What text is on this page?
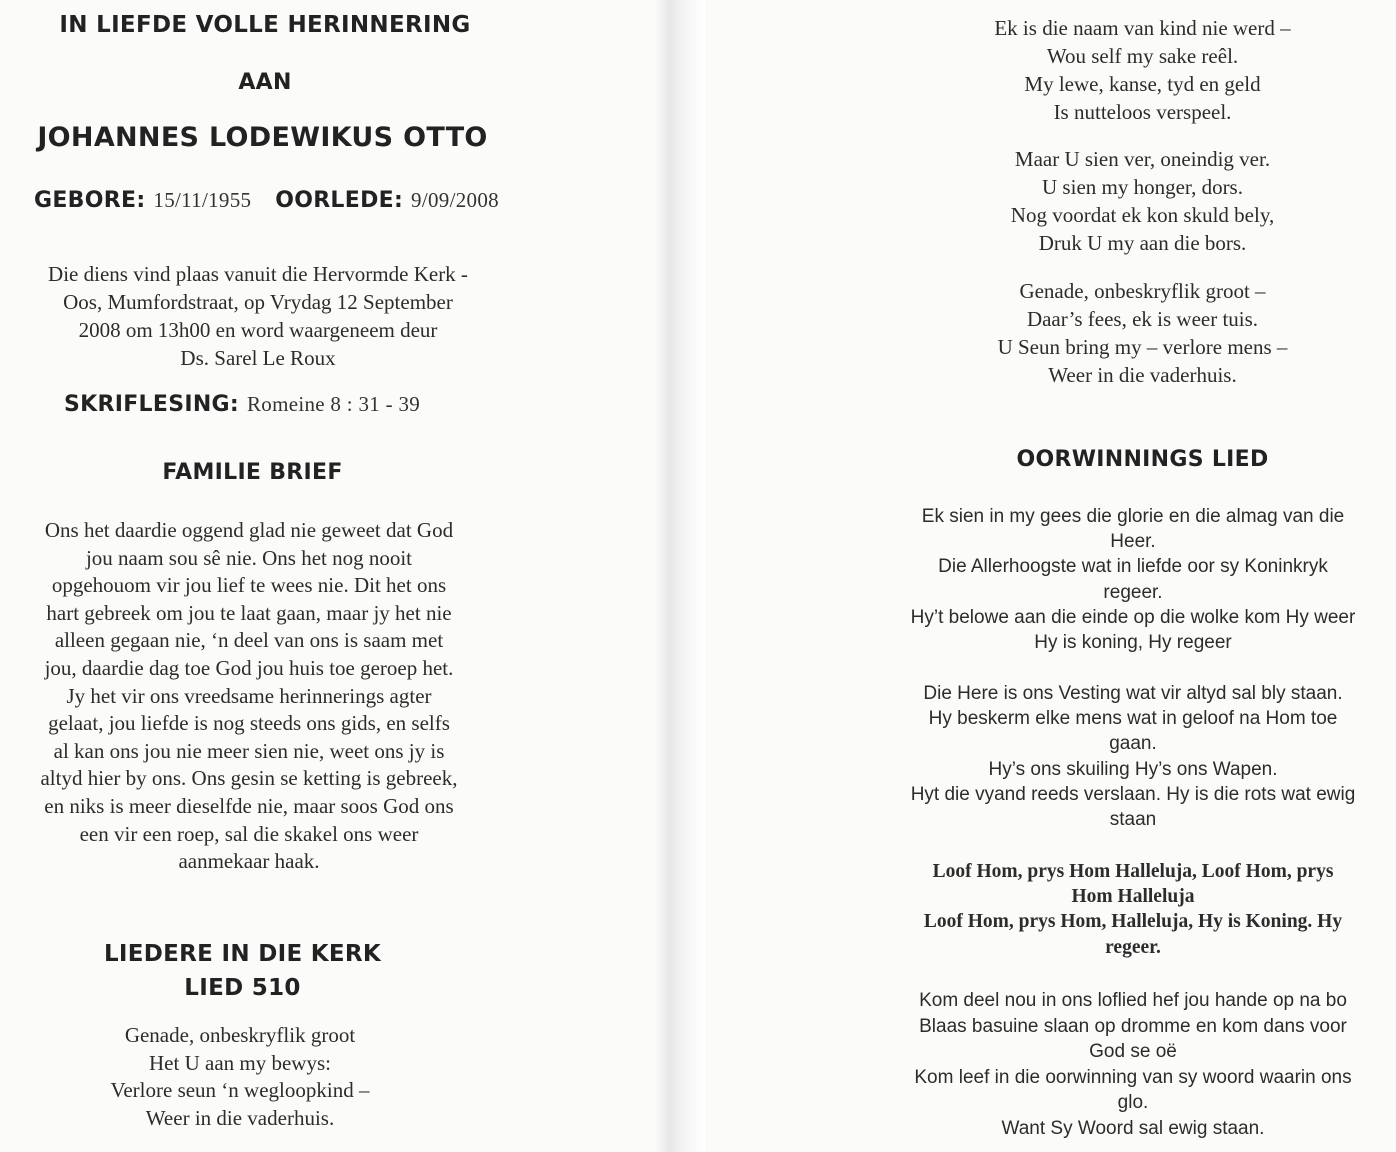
IN LIEFDE VOLLE HERINNERING
AAN
JOHANNES LODEWIKUS OTTO
GEBORE: 15/11/1955 OORLEDE: 9/09/2008
Die diens vind plaas vanuit die Hervormde Kerk -
Oos, Mumfordstraat, op Vrydag 12 September
2008 om 13h00 en word waargeneem deur
Ds. Sarel Le Roux
SKRIFLESING: Romeine 8 : 31 - 39
FAMILIE BRIEF
Ons het daardie oggend glad nie geweet dat God
jou naam sou sê nie. Ons het nog nooit
opgehouom vir jou lief te wees nie. Dit het ons
hart gebreek om jou te laat gaan, maar jy het nie
alleen gegaan nie, ‘n deel van ons is saam met
jou, daardie dag toe God jou huis toe geroep het.
Jy het vir ons vreedsame herinnerings agter
gelaat, jou liefde is nog steeds ons gids, en selfs
al kan ons jou nie meer sien nie, weet ons jy is
altyd hier by ons. Ons gesin se ketting is gebreek,
en niks is meer dieselfde nie, maar soos God ons
een vir een roep, sal die skakel ons weer
aanmekaar haak.
LIEDERE IN DIE KERK
LIED 510
Genade, onbeskryflik groot
Het U aan my bewys:
Verlore seun ‘n wegloopkind –
Weer in die vaderhuis.
Ek is die naam van kind nie werd –
Wou self my sake reêl.
My lewe, kanse, tyd en geld
Is nutteloos verspeel.
Maar U sien ver, oneindig ver.
U sien my honger, dors.
Nog voordat ek kon skuld bely,
Druk U my aan die bors.
Genade, onbeskryflik groot –
Daar’s fees, ek is weer tuis.
U Seun bring my – verlore mens –
Weer in die vaderhuis.
OORWINNINGS LIED
Ek sien in my gees die glorie en die almag van die
Heer.
Die Allerhoogste wat in liefde oor sy Koninkryk
regeer.
Hy’t belowe aan die einde op die wolke kom Hy weer
Hy is koning, Hy regeer
Die Here is ons Vesting wat vir altyd sal bly staan.
Hy beskerm elke mens wat in geloof na Hom toe
gaan.
Hy’s ons skuiling Hy’s ons Wapen.
Hyt die vyand reeds verslaan. Hy is die rots wat ewig
staan
Loof Hom, prys Hom Halleluja, Loof Hom, prys
Hom Halleluja
Loof Hom, prys Hom, Halleluja, Hy is Koning. Hy
regeer.
Kom deel nou in ons loflied hef jou hande op na bo
Blaas basuine slaan op dromme en kom dans voor
God se oë
Kom leef in die oorwinning van sy woord waarin ons
glo.
Want Sy Woord sal ewig staan.
